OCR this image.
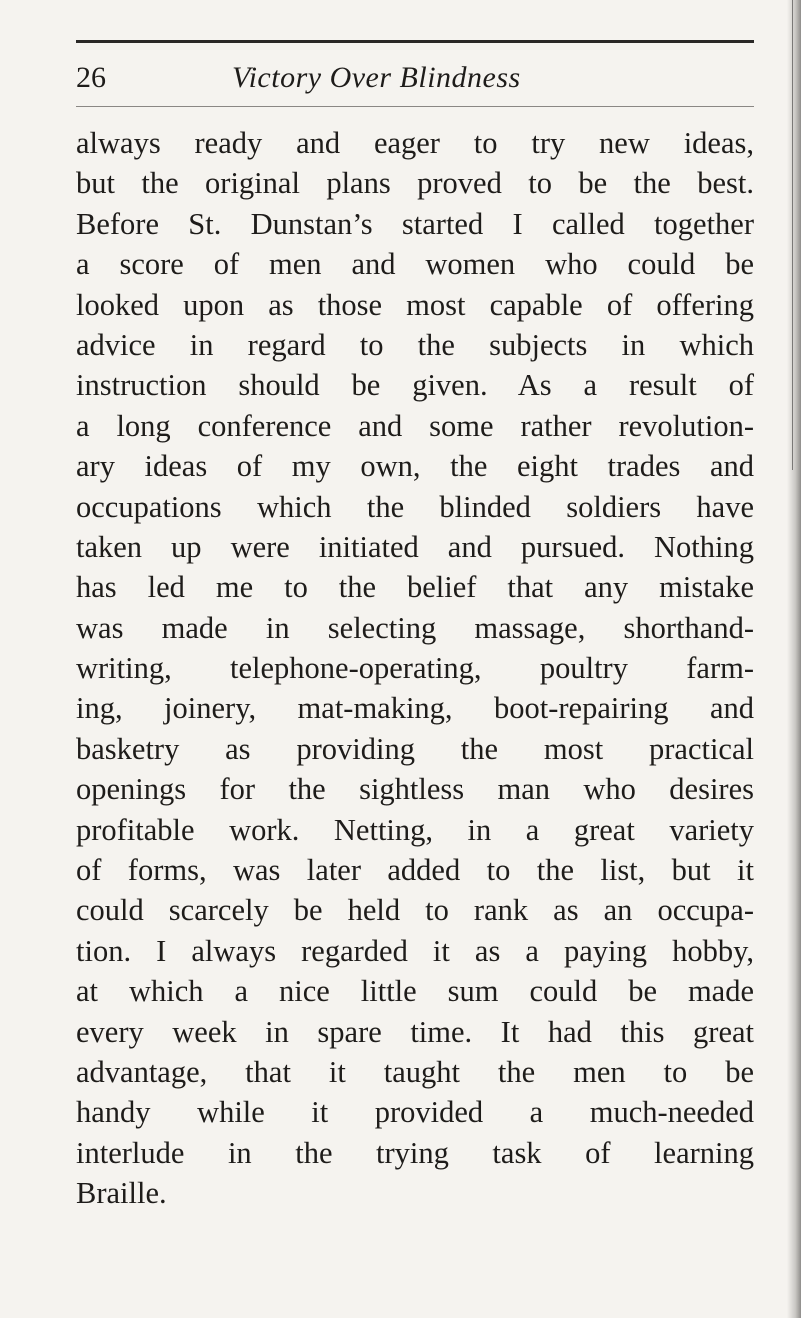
26	Victory Over Blindness
always ready and eager to try new ideas,
but the original plans proved to be the best.
Before St. Dunstan’s started I called together
a score of men and women who could be
looked upon as those most capable of offering
advice in regard to the subjects in which
instruction should be given. As a result of
a long conference and some rather revolution-
ary ideas of my own, the eight trades and
occupations which the blinded soldiers have
taken up were initiated and pursued. Nothing
has led me to the belief that any mistake
was made in selecting massage, shorthand-
writing, telephone-operating, poultry farm-
ing, joinery, mat-making, boot-repairing and
basketry as providing the most practical
openings for the sightless man who desires
profitable work. Netting, in a great variety
of forms, was later added to the list, but it
could scarcely be held to rank as an occupa-
tion. I always regarded it as a paying hobby,
at which a nice little sum could be made
every week in spare time. It had this great
advantage, that it taught the men to be
handy while it provided a much-needed
interlude in the trying task of learning
Braille.
